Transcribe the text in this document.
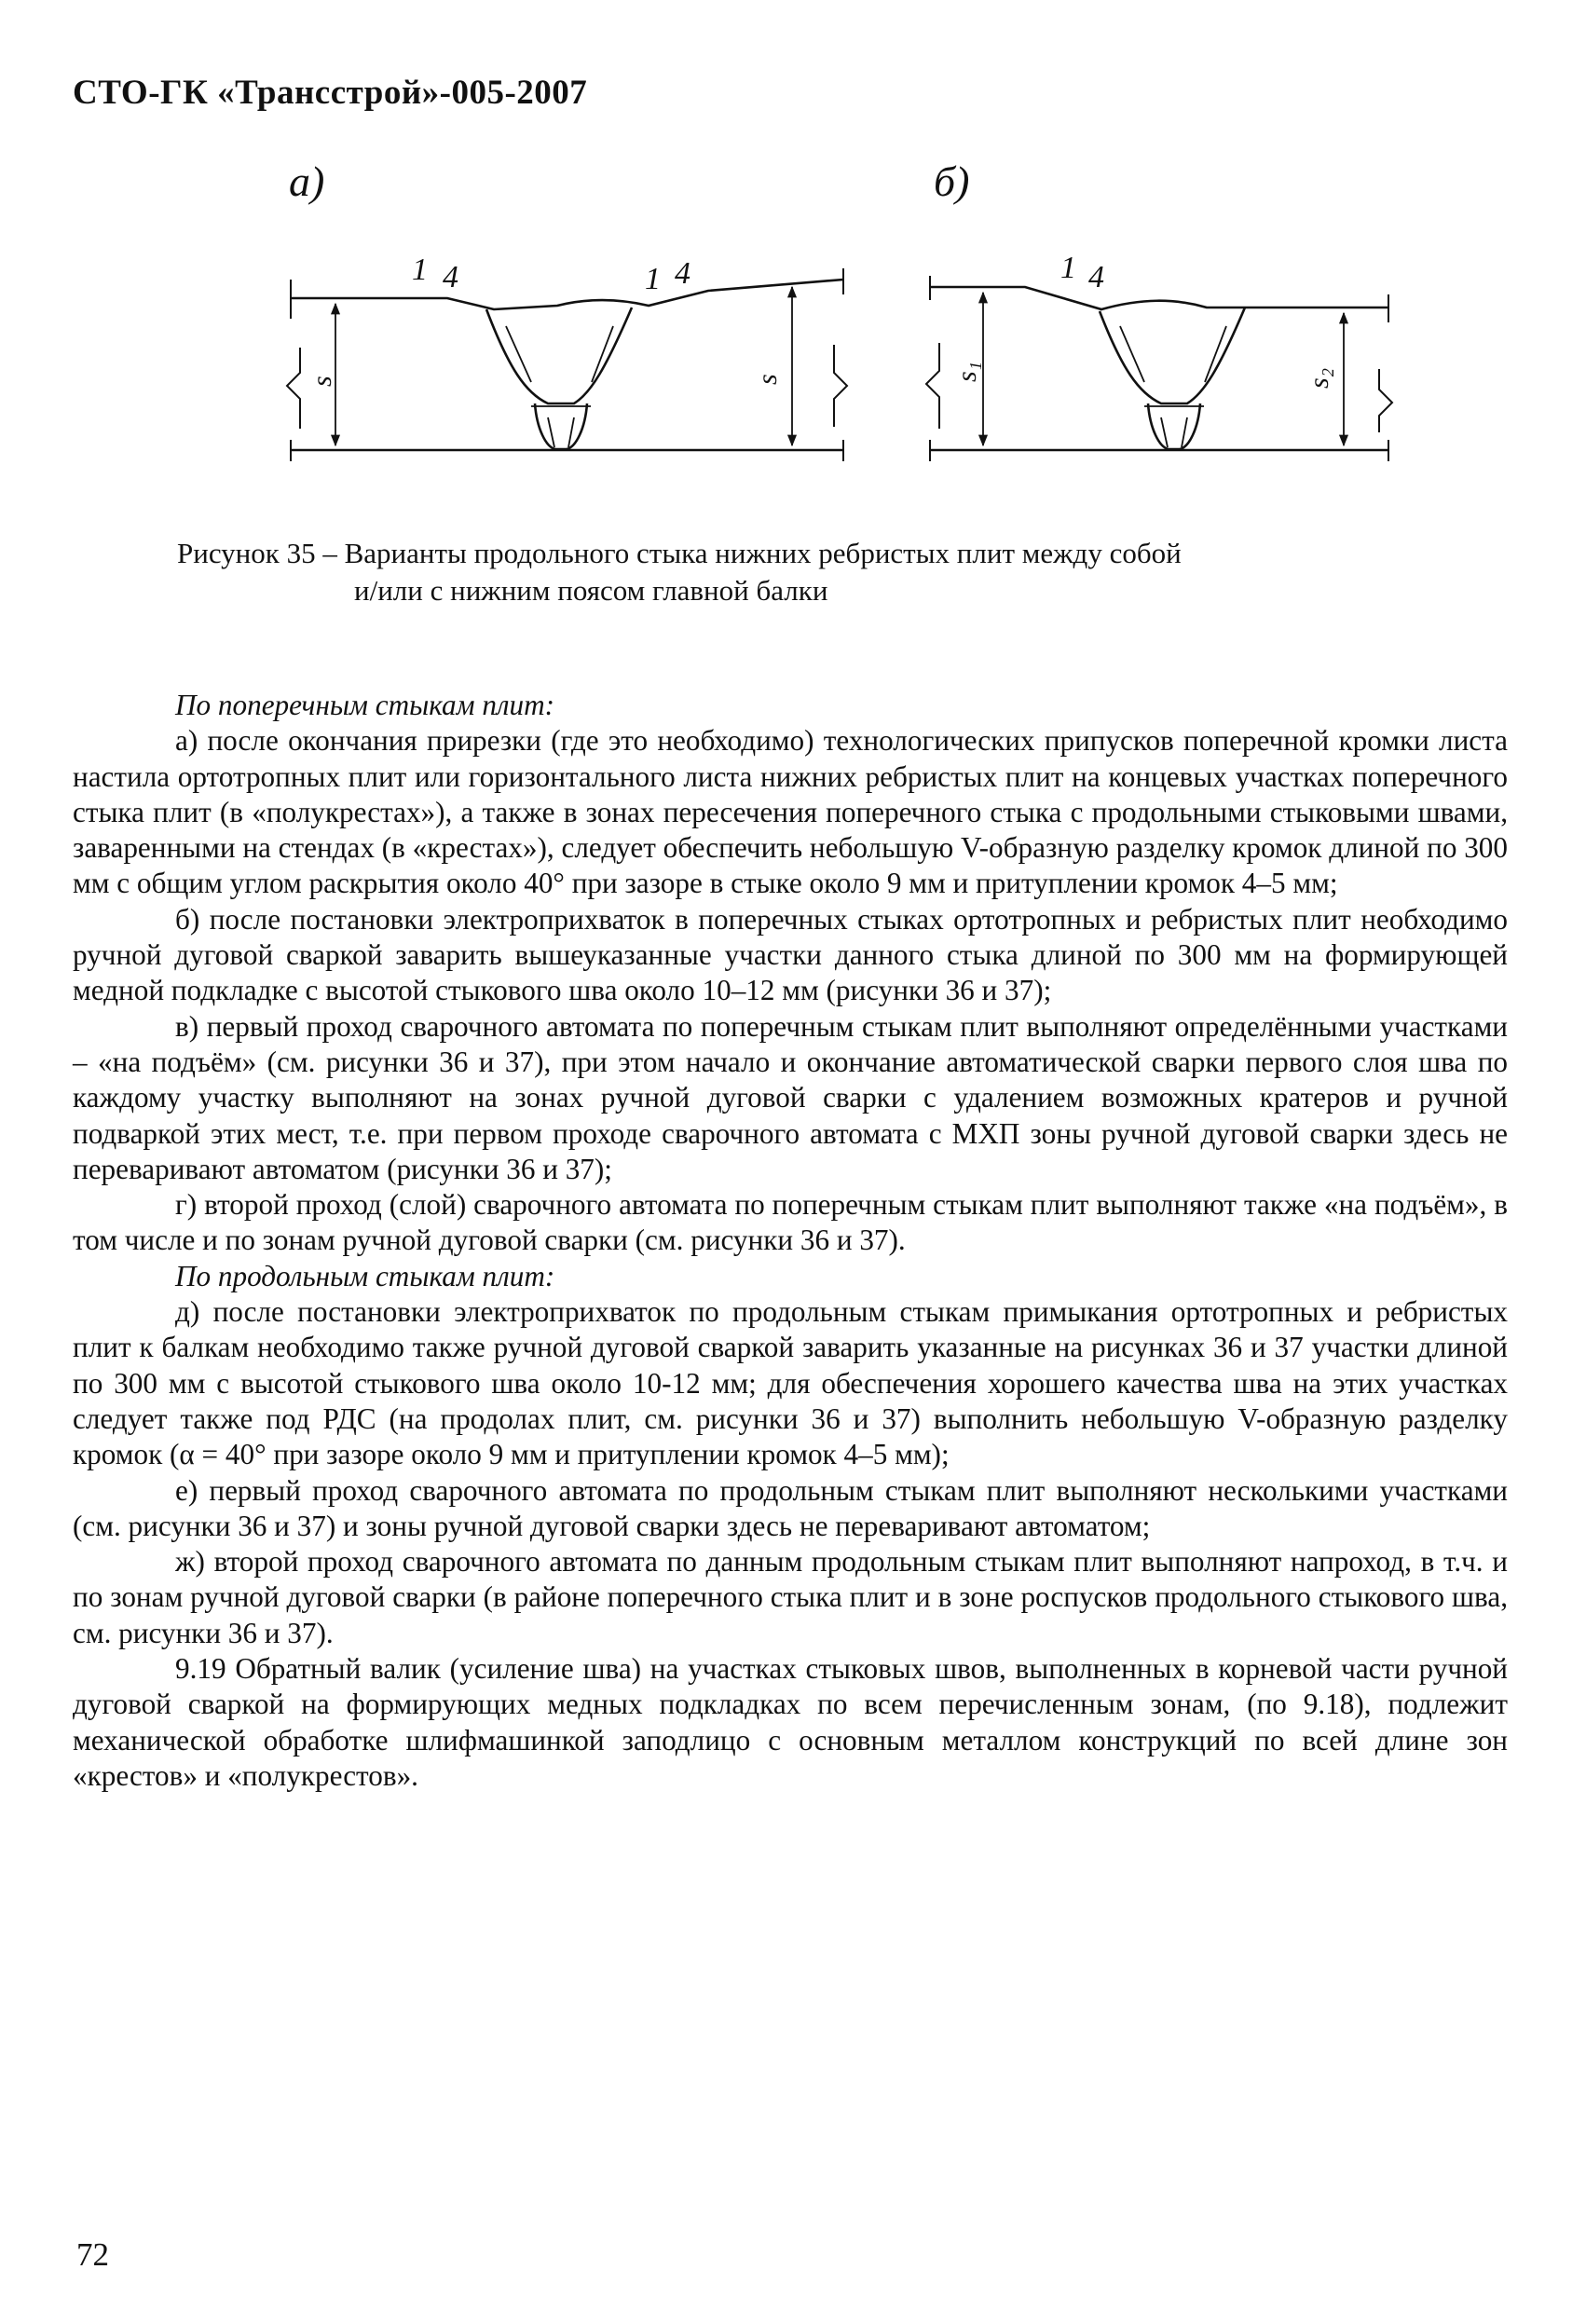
СТО-ГК «Трансстрой»-005-2007
а)
s	s
1 4	1 4
б)
s₁	s₂
1 4
Рисунок 35 – Варианты продольного стыка нижних ребристых плит между собой
и/или с нижним поясом главной балки

По поперечным стыкам плит:

а) после окончания прирезки (где это необходимо) технологических припусков поперечной кромки листа настила ортотропных плит или горизонтального листа нижних ребристых плит на концевых участках поперечного стыка плит (в «полукрестах»), а также в зонах пересечения поперечного стыка с продольными стыковыми швами, заваренными на стендах (в «крестах»), следует обеспечить небольшую V-образную разделку кромок длиной по 300 мм с общим углом раскрытия около 40° при зазоре в стыке около 9 мм и притуплении кромок 4–5 мм;

б) после постановки электроприхваток в поперечных стыках ортотропных и ребристых плит необходимо ручной дуговой сваркой заварить вышеуказанные участки данного стыка длиной по 300 мм на формирующей медной подкладке с высотой стыкового шва около 10–12 мм (рисунки 36 и 37);

в) первый проход сварочного автомата по поперечным стыкам плит выполняют определёнными участками – «на подъём» (см. рисунки 36 и 37), при этом начало и окончание автоматической сварки первого слоя шва по каждому участку выполняют на зонах ручной дуговой сварки с удалением возможных кратеров и ручной подваркой этих мест, т.е. при первом проходе сварочного автомата с МХП зоны ручной дуговой сварки здесь не переваривают автоматом (рисунки 36 и 37);

г) второй проход (слой) сварочного автомата по поперечным стыкам плит выполняют также «на подъём», в том числе и по зонам ручной дуговой сварки (см. рисунки 36 и 37).

По продольным стыкам плит:

д) после постановки электроприхваток по продольным стыкам примыкания ортотропных и ребристых плит к балкам необходимо также ручной дуговой сваркой заварить указанные на рисунках 36 и 37 участки длиной по 300 мм с высотой стыкового шва около 10-12 мм; для обеспечения хорошего качества шва на этих участках следует также под РДС (на продолах плит, см. рисунки 36 и 37) выполнить небольшую V-образную разделку кромок (α = 40° при зазоре около 9 мм и притуплении кромок 4–5 мм);

е) первый проход сварочного автомата по продольным стыкам плит выполняют несколькими участками (см. рисунки 36 и 37) и зоны ручной дуговой сварки здесь не переваривают автоматом;

ж) второй проход сварочного автомата по данным продольным стыкам плит выполняют напроход, в т.ч. и по зонам ручной дуговой сварки (в районе поперечного стыка плит и в зоне роспусков продольного стыкового шва, см. рисунки 36 и 37).

9.19 Обратный валик (усиление шва) на участках стыковых швов, выполненных в корневой части ручной дуговой сваркой на формирующих медных подкладках по всем перечисленным зонам, (по 9.18), подлежит механической обработке шлифмашинкой заподлицо с основным металлом конструкций по всей длине зон «крестов» и «полукрестов».

72
